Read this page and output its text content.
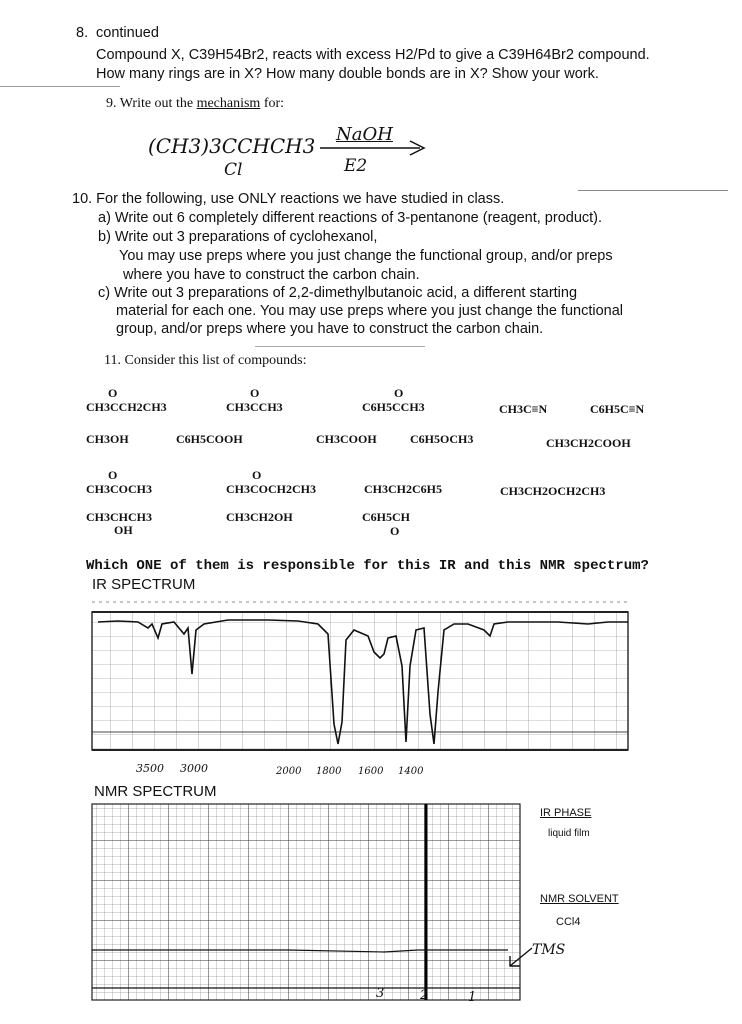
8. continued
Compound X, C39H54Br2, reacts with excess H2/Pd to give a C39H64Br2 compound.
How many rings are in X? How many double bonds are in X? Show your work.
9. Write out the mechanism for:
(CH3)3CCHCH3
Cl
NaOH
E2
10. For the following, use ONLY reactions we have studied in class.
a) Write out 6 completely different reactions of 3-pentanone (reagent, product).
b) Write out 3 preparations of cyclohexanol,
You may use preps where you just change the functional group, and/or preps
where you have to construct the carbon chain.
c) Write out 3 preparations of 2,2-dimethylbutanoic acid, a different starting
material for each one. You may use preps where you just change the functional
group, and/or preps where you have to construct the carbon chain.
11. Consider this list of compounds:
O
CH3CCH2CH3
O
CH3CCH3
O
C6H5CCH3	CH3C≡N	C6H5C≡N
CH3OH	C6H5COOH	CH3COOH	C6H5OCH3	CH3CH2COOH
O
CH3COCH3
O
CH3COCH2CH3	CH3CH2C6H5	CH3CH2OCH2CH3
CH3CHCH3
OH
CH3CH2OH	C6H5CH
O
Which ONE of them is responsible for this IR and this NMR spectrum?
IR SPECTRUM
3500 3000	2000 1800 1600 1400
NMR SPECTRUM
3	2	1
IR PHASE
liquid film
NMR SOLVENT
CCl4
TMS
